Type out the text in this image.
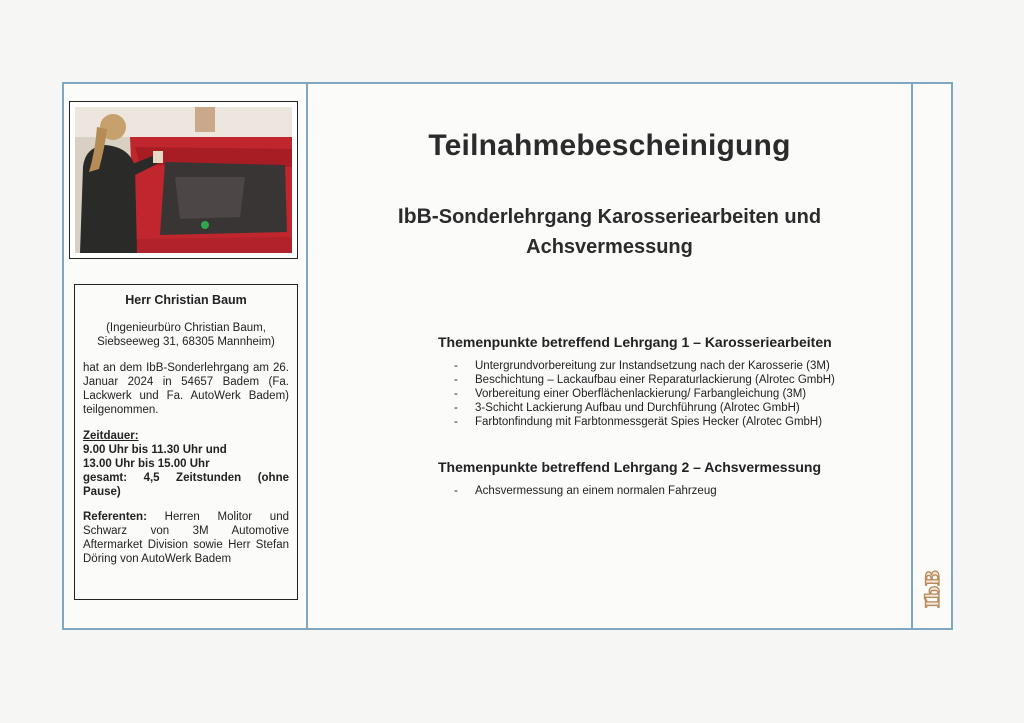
Herr Christian Baum
(Ingenieurbüro Christian Baum, Siebseeweg 31, 68305 Mannheim)
hat an dem IbB-Sonderlehrgang am 26. Januar 2024 in 54657 Badem (Fa. Lackwerk und Fa. AutoWerk Badem) teilgenommen.
Zeitdauer:
9.00 Uhr bis 11.30 Uhr und
13.00 Uhr bis 15.00 Uhr
gesamt: 4,5 Zeitstunden (ohne Pause)
Referenten: Herren Molitor und Schwarz von 3M Automotive Aftermarket Division sowie Herr Stefan Döring von AutoWerk Badem
Teilnahmebescheinigung
IbB-Sonderlehrgang Karosseriearbeiten und
Achsvermessung
Themenpunkte betreffend Lehrgang 1 – Karosseriearbeiten
- Untergrundvorbereitung zur Instandsetzung nach der Karosserie (3M)
- Beschichtung – Lackaufbau einer Reparaturlackierung (Alrotec GmbH)
- Vorbereitung einer Oberflächenlackierung/ Farbangleichung (3M)
- 3-Schicht Lackierung Aufbau und Durchführung (Alrotec GmbH)
- Farbtonfindung mit Farbtonmessgerät Spies Hecker (Alrotec GmbH)
Themenpunkte betreffend Lehrgang 2 – Achsvermessung
- Achsvermessung an einem normalen Fahrzeug
IbB
